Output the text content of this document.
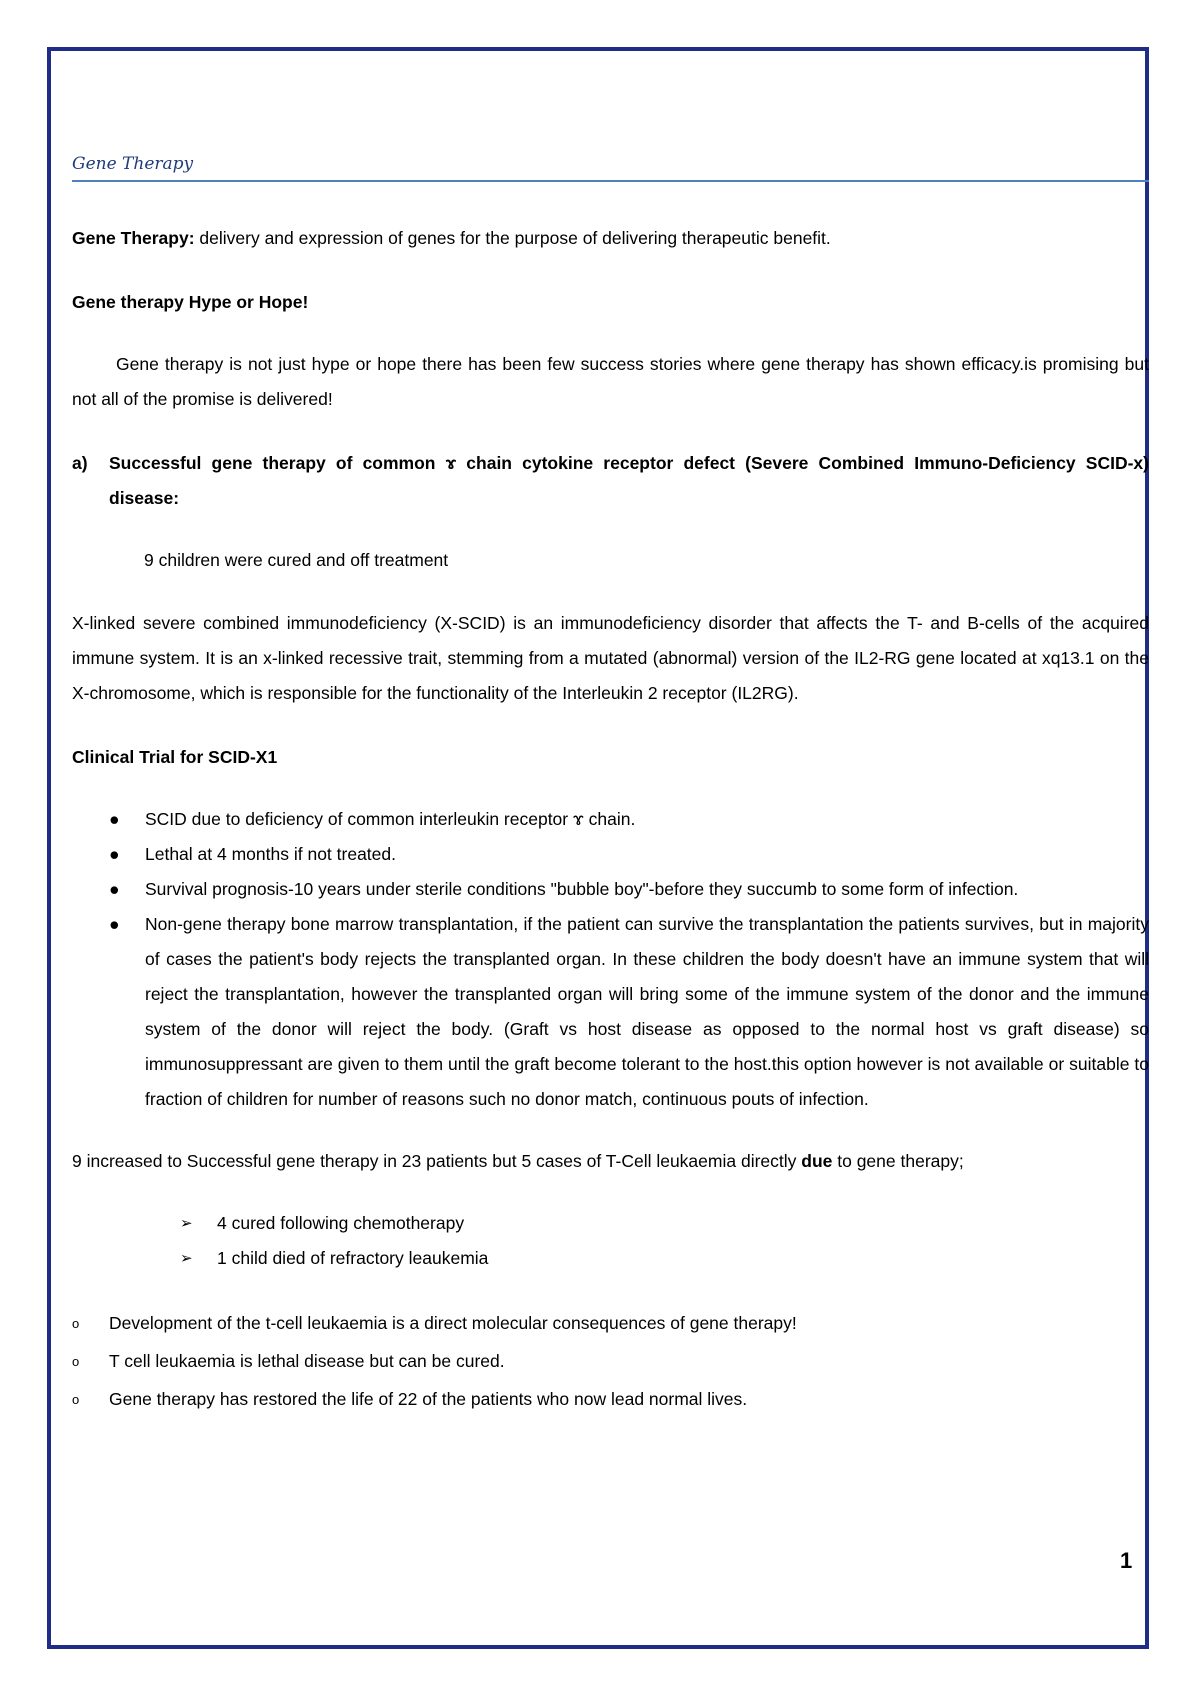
Gene Therapy

Gene Therapy: delivery and expression of genes for the purpose of delivering therapeutic benefit.

Gene therapy Hype or Hope!

Gene therapy is not just hype or hope there has been few success stories where gene therapy has shown efficacy.is promising but not all of the promise is delivered!

a)	Successful gene therapy of common ɤ chain cytokine receptor defect (Severe Combined Immuno-Deficiency SCID-x) disease:

9 children were cured and off treatment

X-linked severe combined immunodeficiency (X-SCID) is an immunodeficiency disorder that affects the T- and B-cells of the acquired immune system. It is an x-linked recessive trait, stemming from a mutated (abnormal) version of the IL2-RG gene located at xq13.1 on the X-chromosome, which is responsible for the functionality of the Interleukin 2 receptor (IL2RG).

Clinical Trial for SCID-X1

● SCID due to deficiency of common interleukin receptor ɤ chain.
● Lethal at 4 months if not treated.
● Survival prognosis-10 years under sterile conditions "bubble boy"-before they succumb to some form of infection.
● Non-gene therapy bone marrow transplantation, if the patient can survive the transplantation the patients survives, but in majority of cases the patient's body rejects the transplanted organ. In these children the body doesn't have an immune system that will reject the transplantation, however the transplanted organ will bring some of the immune system of the donor and the immune system of the donor will reject the body. (Graft vs host disease as opposed to the normal host vs graft disease) so immunosuppressant are given to them until the graft become tolerant to the host.this option however is not available or suitable to fraction of children for number of reasons such no donor match, continuous pouts of infection.

9 increased to Successful gene therapy in 23 patients but 5 cases of T-Cell leukaemia directly due to gene therapy;

➢ 4 cured following chemotherapy
➢ 1 child died of refractory leaukemia
o Development of the t-cell leukaemia is a direct molecular consequences of gene therapy!
o T cell leukaemia is lethal disease but can be cured.
o Gene therapy has restored the life of 22 of the patients who now lead normal lives.
1
